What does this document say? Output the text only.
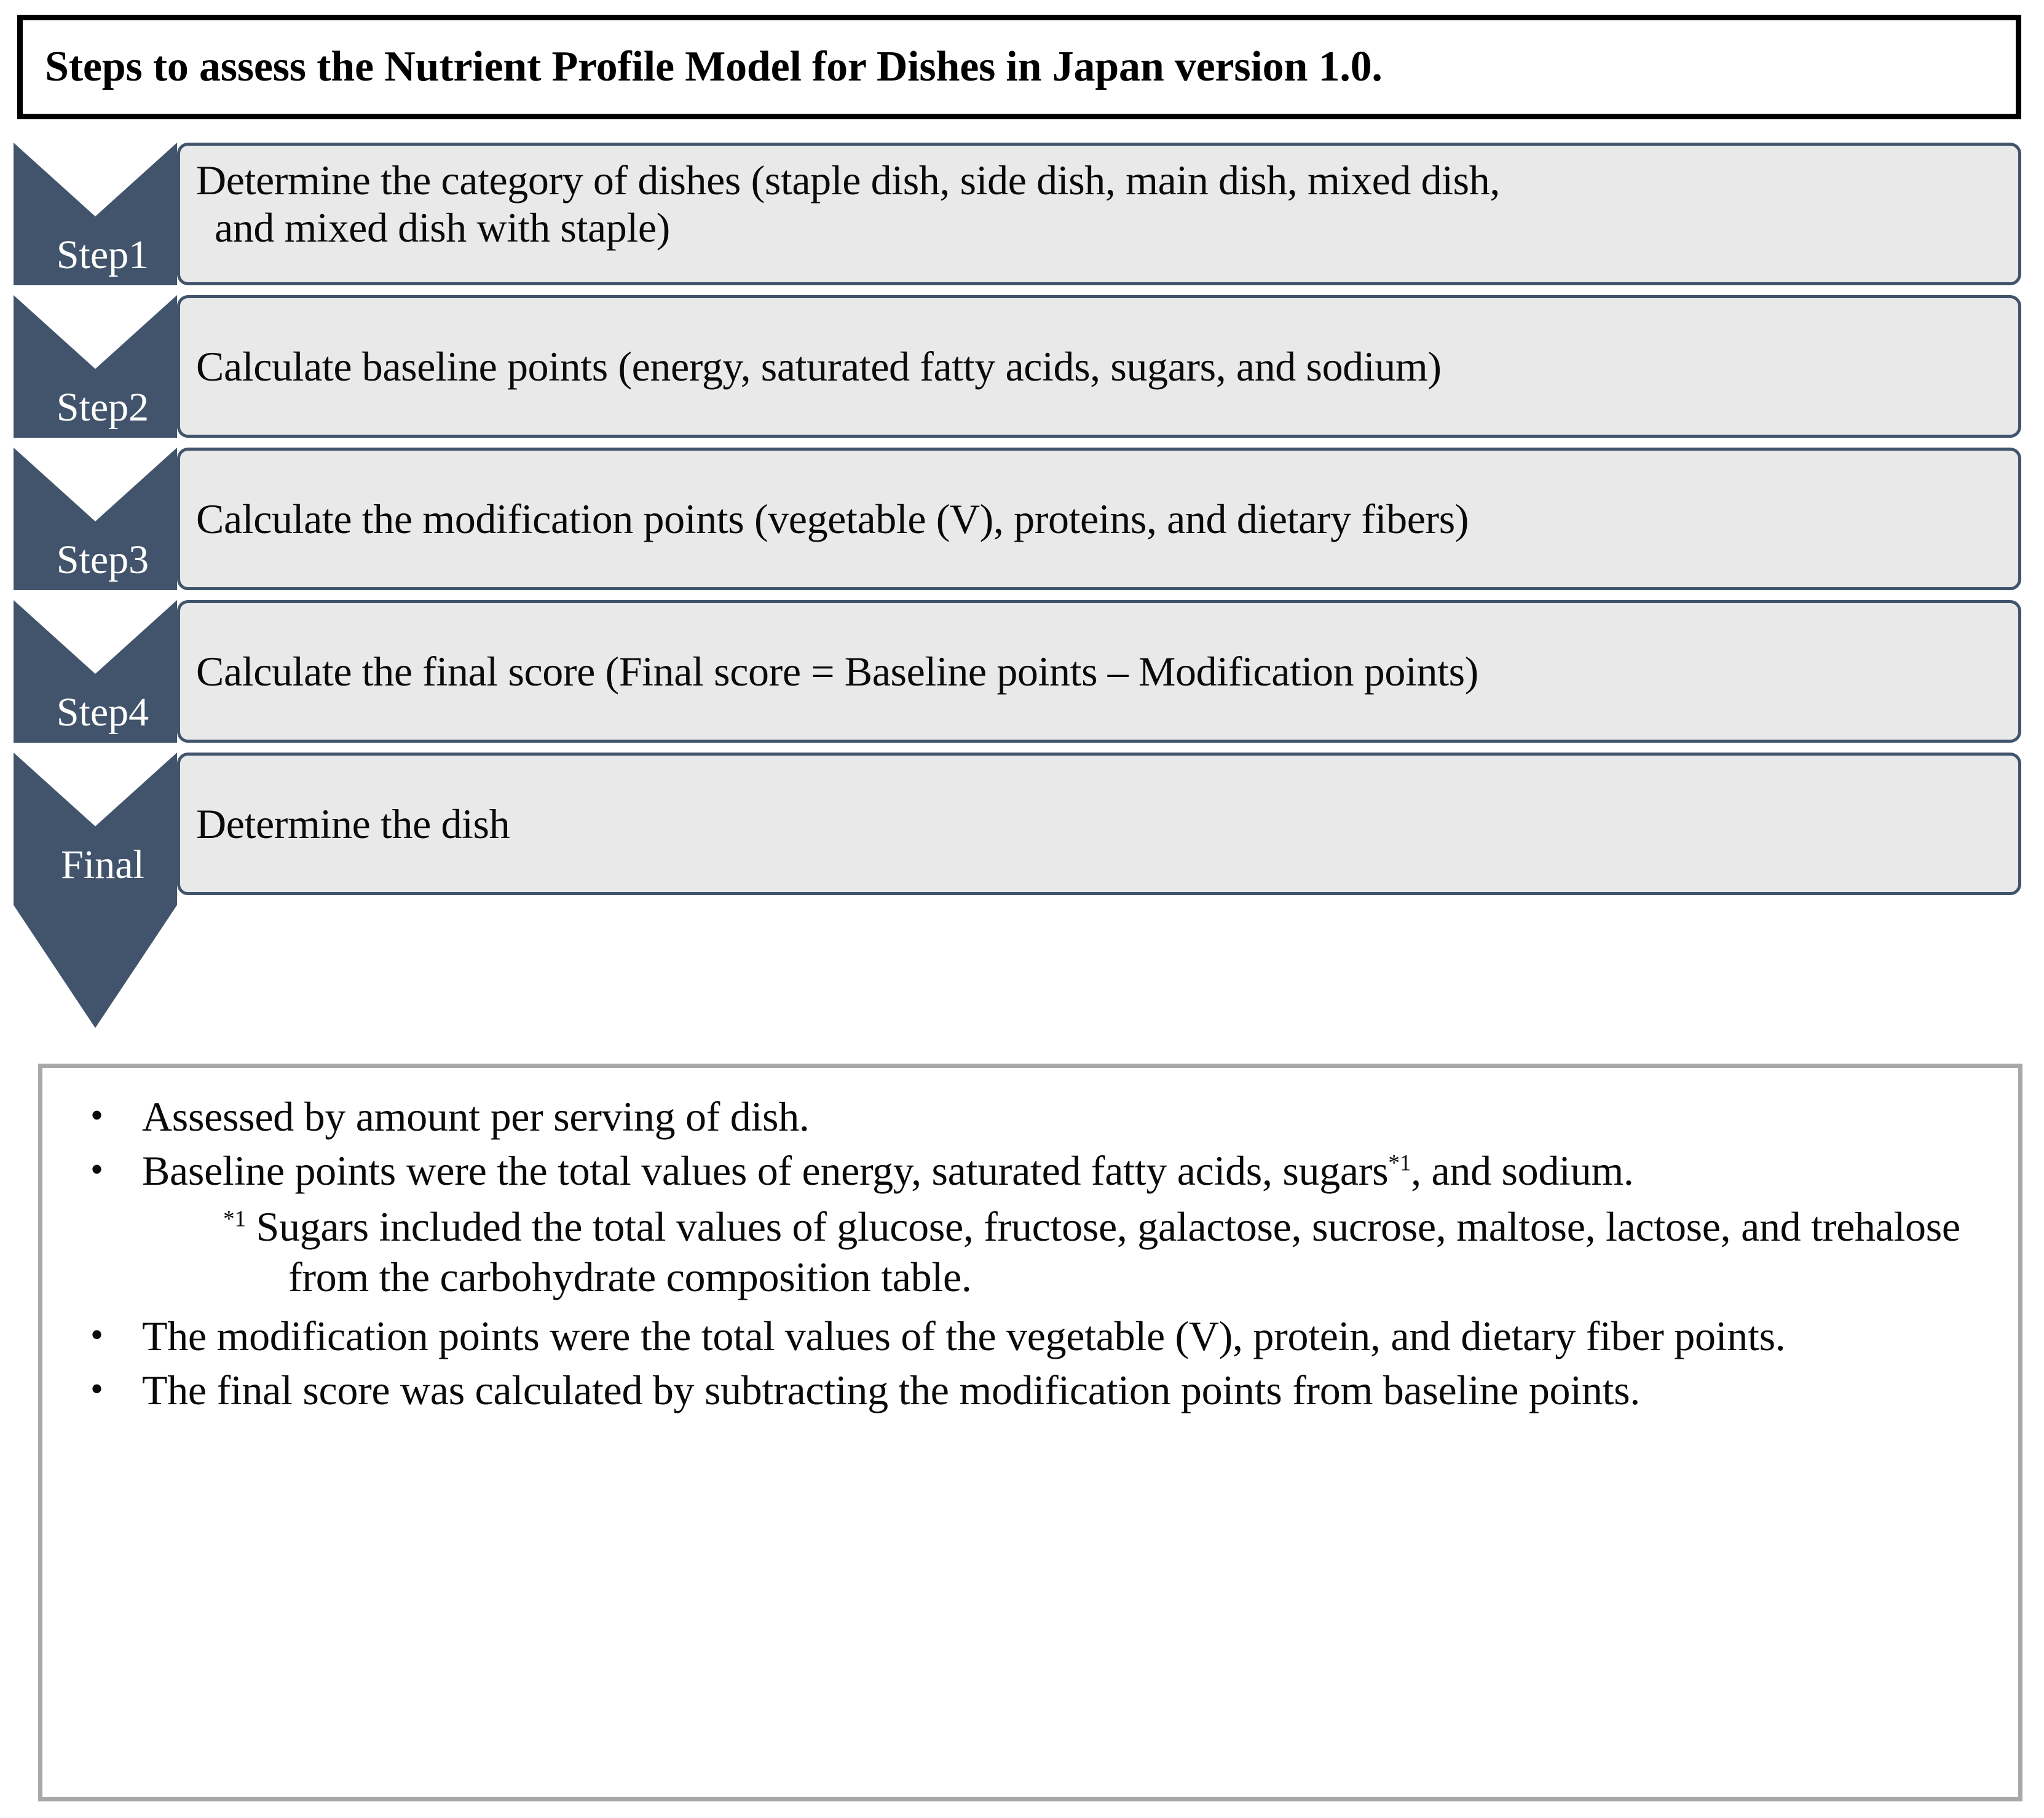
Steps to assess the Nutrient Profile Model for Dishes in Japan version 1.0.
Step1
Step2
Step3
Step4
Final
Determine the category of dishes (staple dish, side dish, main dish, mixed dish,
and mixed dish with staple)
Calculate baseline points (energy, saturated fatty acids, sugars, and sodium)
Calculate the modification points (vegetable (V), proteins, and dietary fibers)
Calculate the final score (Final score = Baseline points – Modification points)
Determine the dish
• Assessed by amount per serving of dish.
• Baseline points were the total values of energy, saturated fatty acids, sugars$^{*1}$, and sodium.
$^{*1}$ Sugars included the total values of glucose, fructose, galactose, sucrose, maltose, lactose, and trehalose from the carbohydrate composition table.
• The modification points were the total values of the vegetable (V), protein, and dietary fiber points.
• The final score was calculated by subtracting the modification points from baseline points.
